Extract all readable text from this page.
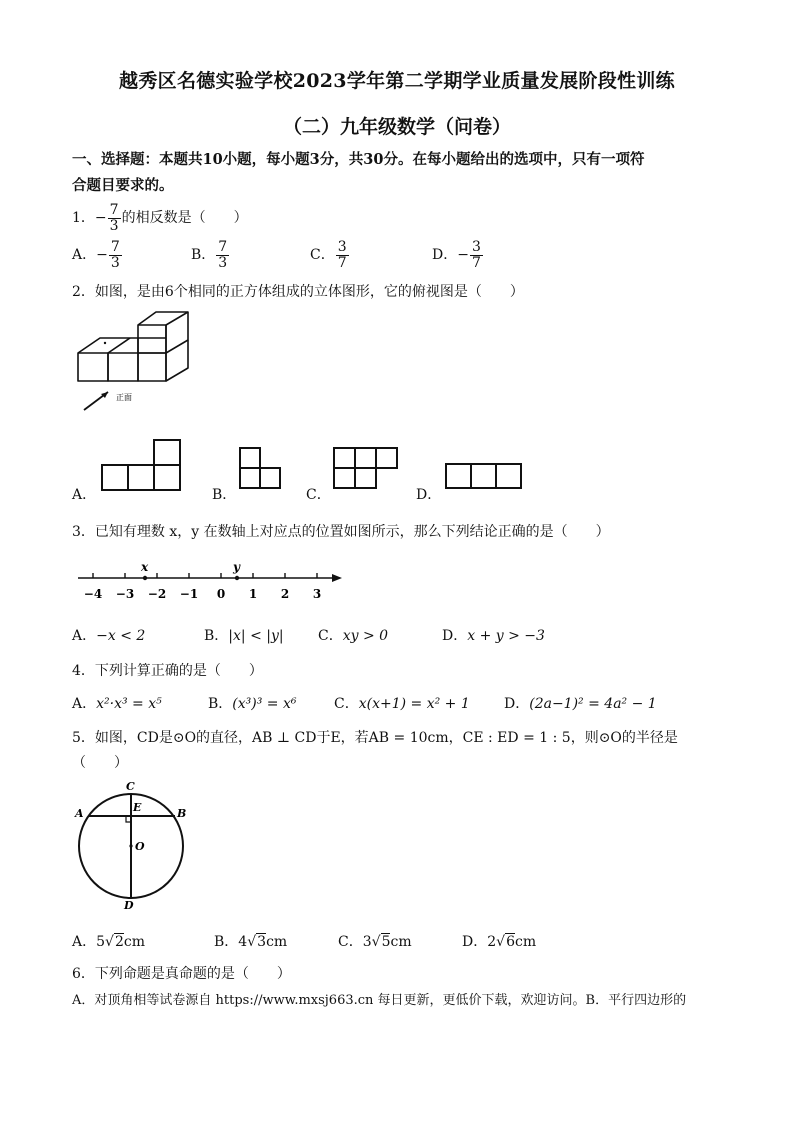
越秀区名德实验学校2023学年第二学期学业质量发展阶段性训练
（二）九年级数学（问卷）
一、选择题：本题共10小题，每小题3分，共30分。在每小题给出的选项中，只有一项符
合题目要求的。
1．− $\frac{7}{3}$ 的相反数是（　　）
A．− $\frac{7}{3}$	B． $\frac{7}{3}$	C． $\frac{3}{7}$	D．− $\frac{3}{7}$
2．如图，是由6个相同的正方体组成的立体图形，它的俯视图是（　　）
正面
A．	B．	C．	D．
3．已知有理数 x，y 在数轴上对应点的位置如图所示，那么下列结论正确的是（　　）
x	y
−4 −3 −2 −1 0 1 2 3
A．−x < 2	B．|x| < |y| C．xy > 0	D．x + y > −3
4．下列计算正确的是（　　）
A．x²·x³ = x⁵	B．(x³)³ = x⁶	C．x(x+1) = x² + 1 D．(2a−1)² = 4a² − 1
5．如图，CD是⊙O的直径，AB ⊥ CD于E，若AB = 10cm，CE : ED = 1 : 5，则⊙O的半径是
（　　）
C
E
A	B
O
D
A．5√2cm	B．4√3cm	C．3√5cm	D．2√6cm
6．下列命题是真命题的是（　　）
A．对顶角相等试卷源自 https://www.mxsj663.cn 每日更新，更低价下载，欢迎访问。B．平行四边形的
